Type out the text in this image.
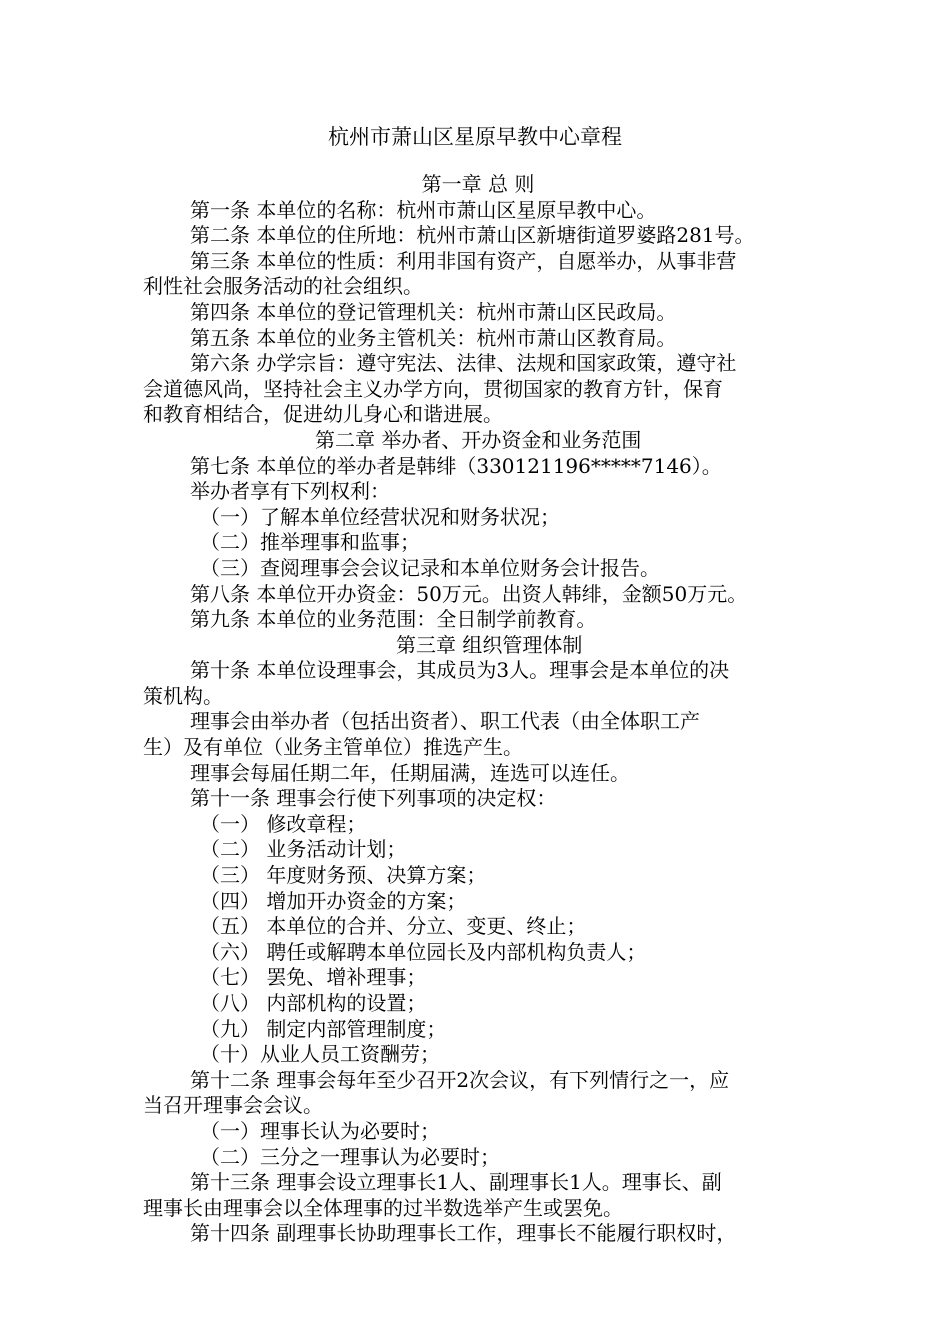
杭州市萧山区星原早教中心章程
第一章 总 则
第一条 本单位的名称：杭州市萧山区星原早教中心。
第二条 本单位的住所地：杭州市萧山区新塘街道罗婆路281号。
第三条 本单位的性质：利用非国有资产，自愿举办，从事非营
利性社会服务活动的社会组织。
第四条 本单位的登记管理机关：杭州市萧山区民政局。
第五条 本单位的业务主管机关：杭州市萧山区教育局。
第六条 办学宗旨：遵守宪法、法律、法规和国家政策，遵守社
会道德风尚，坚持社会主义办学方向，贯彻国家的教育方针，保育
和教育相结合，促进幼儿身心和谐进展。
第二章 举办者、开办资金和业务范围
第七条 本单位的举办者是韩绯（330121196*****7146）。
举办者享有下列权利：
（一）了解本单位经营状况和财务状况；
（二）推举理事和监事；
（三）查阅理事会会议记录和本单位财务会计报告。
第八条 本单位开办资金：50万元。出资人韩绯，金额50万元。
第九条 本单位的业务范围：全日制学前教育。
第三章 组织管理体制
第十条 本单位设理事会，其成员为3人。理事会是本单位的决
策机构。
理事会由举办者（包括出资者）、职工代表（由全体职工产
生）及有单位（业务主管单位）推选产生。
理事会每届任期二年，任期届满，连选可以连任。
第十一条 理事会行使下列事项的决定权：
（一） 修改章程；
（二） 业务活动计划；
（三） 年度财务预、决算方案；
（四） 增加开办资金的方案；
（五） 本单位的合并、分立、变更、终止；
（六） 聘任或解聘本单位园长及内部机构负责人；
（七） 罢免、增补理事；
（八） 内部机构的设置；
（九） 制定内部管理制度；
（十）从业人员工资酬劳；
第十二条 理事会每年至少召开2次会议，有下列情行之一，应
当召开理事会会议。
（一）理事长认为必要时；
（二）三分之一理事认为必要时；
第十三条 理事会设立理事长1人、副理事长1人。理事长、副
理事长由理事会以全体理事的过半数选举产生或罢免。
第十四条 副理事长协助理事长工作，理事长不能履行职权时，
